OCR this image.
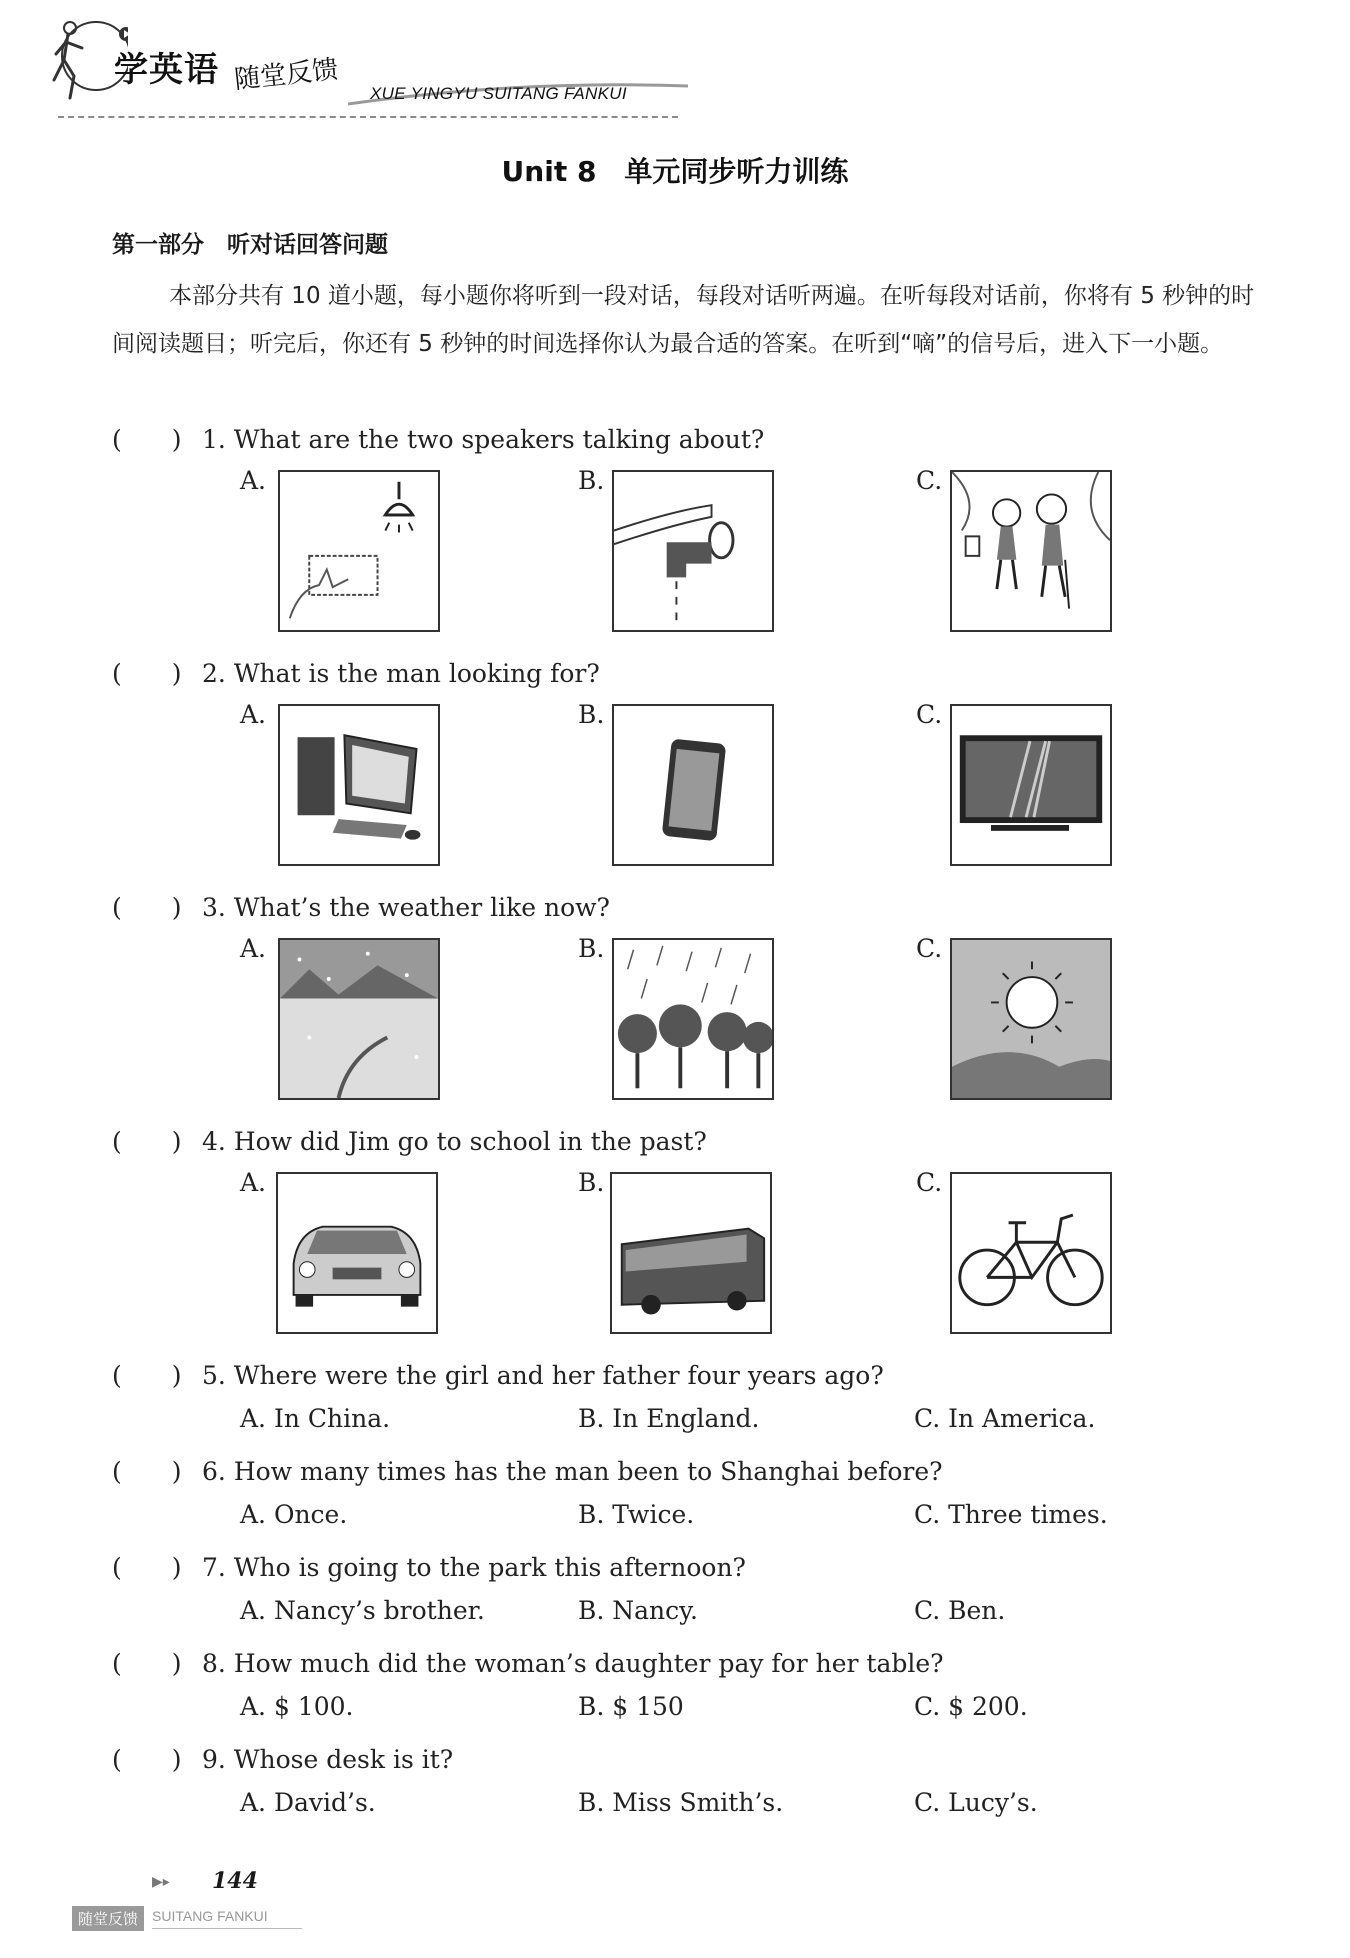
学英语 随堂反馈 XUE YINGYU SUITANG FANKUI
Unit 8　单元同步听力训练
第一部分　听对话回答问题
本部分共有 10 道小题，每小题你将听到一段对话，每段对话听两遍。在听每段对话前，你将有 5 秒钟的时间阅读题目；听完后，你还有 5 秒钟的时间选择你认为最合适的答案。在听到“嘀”的信号后，进入下一小题。
(　　) 1. What are the two speakers talking about?
A.	B.	C.
(　　) 2. What is the man looking for?
A.	B.	C.
(　　) 3. What’s the weather like now?
A.	B.	C.
(　　) 4. How did Jim go to school in the past?
A.	B.	C.
(　　) 5. Where were the girl and her father four years ago?
A. In China.	B. In England.	C. In America.
(　　) 6. How many times has the man been to Shanghai before?
A. Once.	B. Twice.	C. Three times.
(　　) 7. Who is going to the park this afternoon?
A. Nancy’s brother.	B. Nancy.	C. Ben.
(　　) 8. How much did the woman’s daughter pay for her table?
A. $ 100.	B. $ 150	C. $ 200.
(　　) 9. Whose desk is it?
A. David’s.	B. Miss Smith’s.	C. Lucy’s.
▶▸ 144
随堂反馈 SUITANG FANKUI
